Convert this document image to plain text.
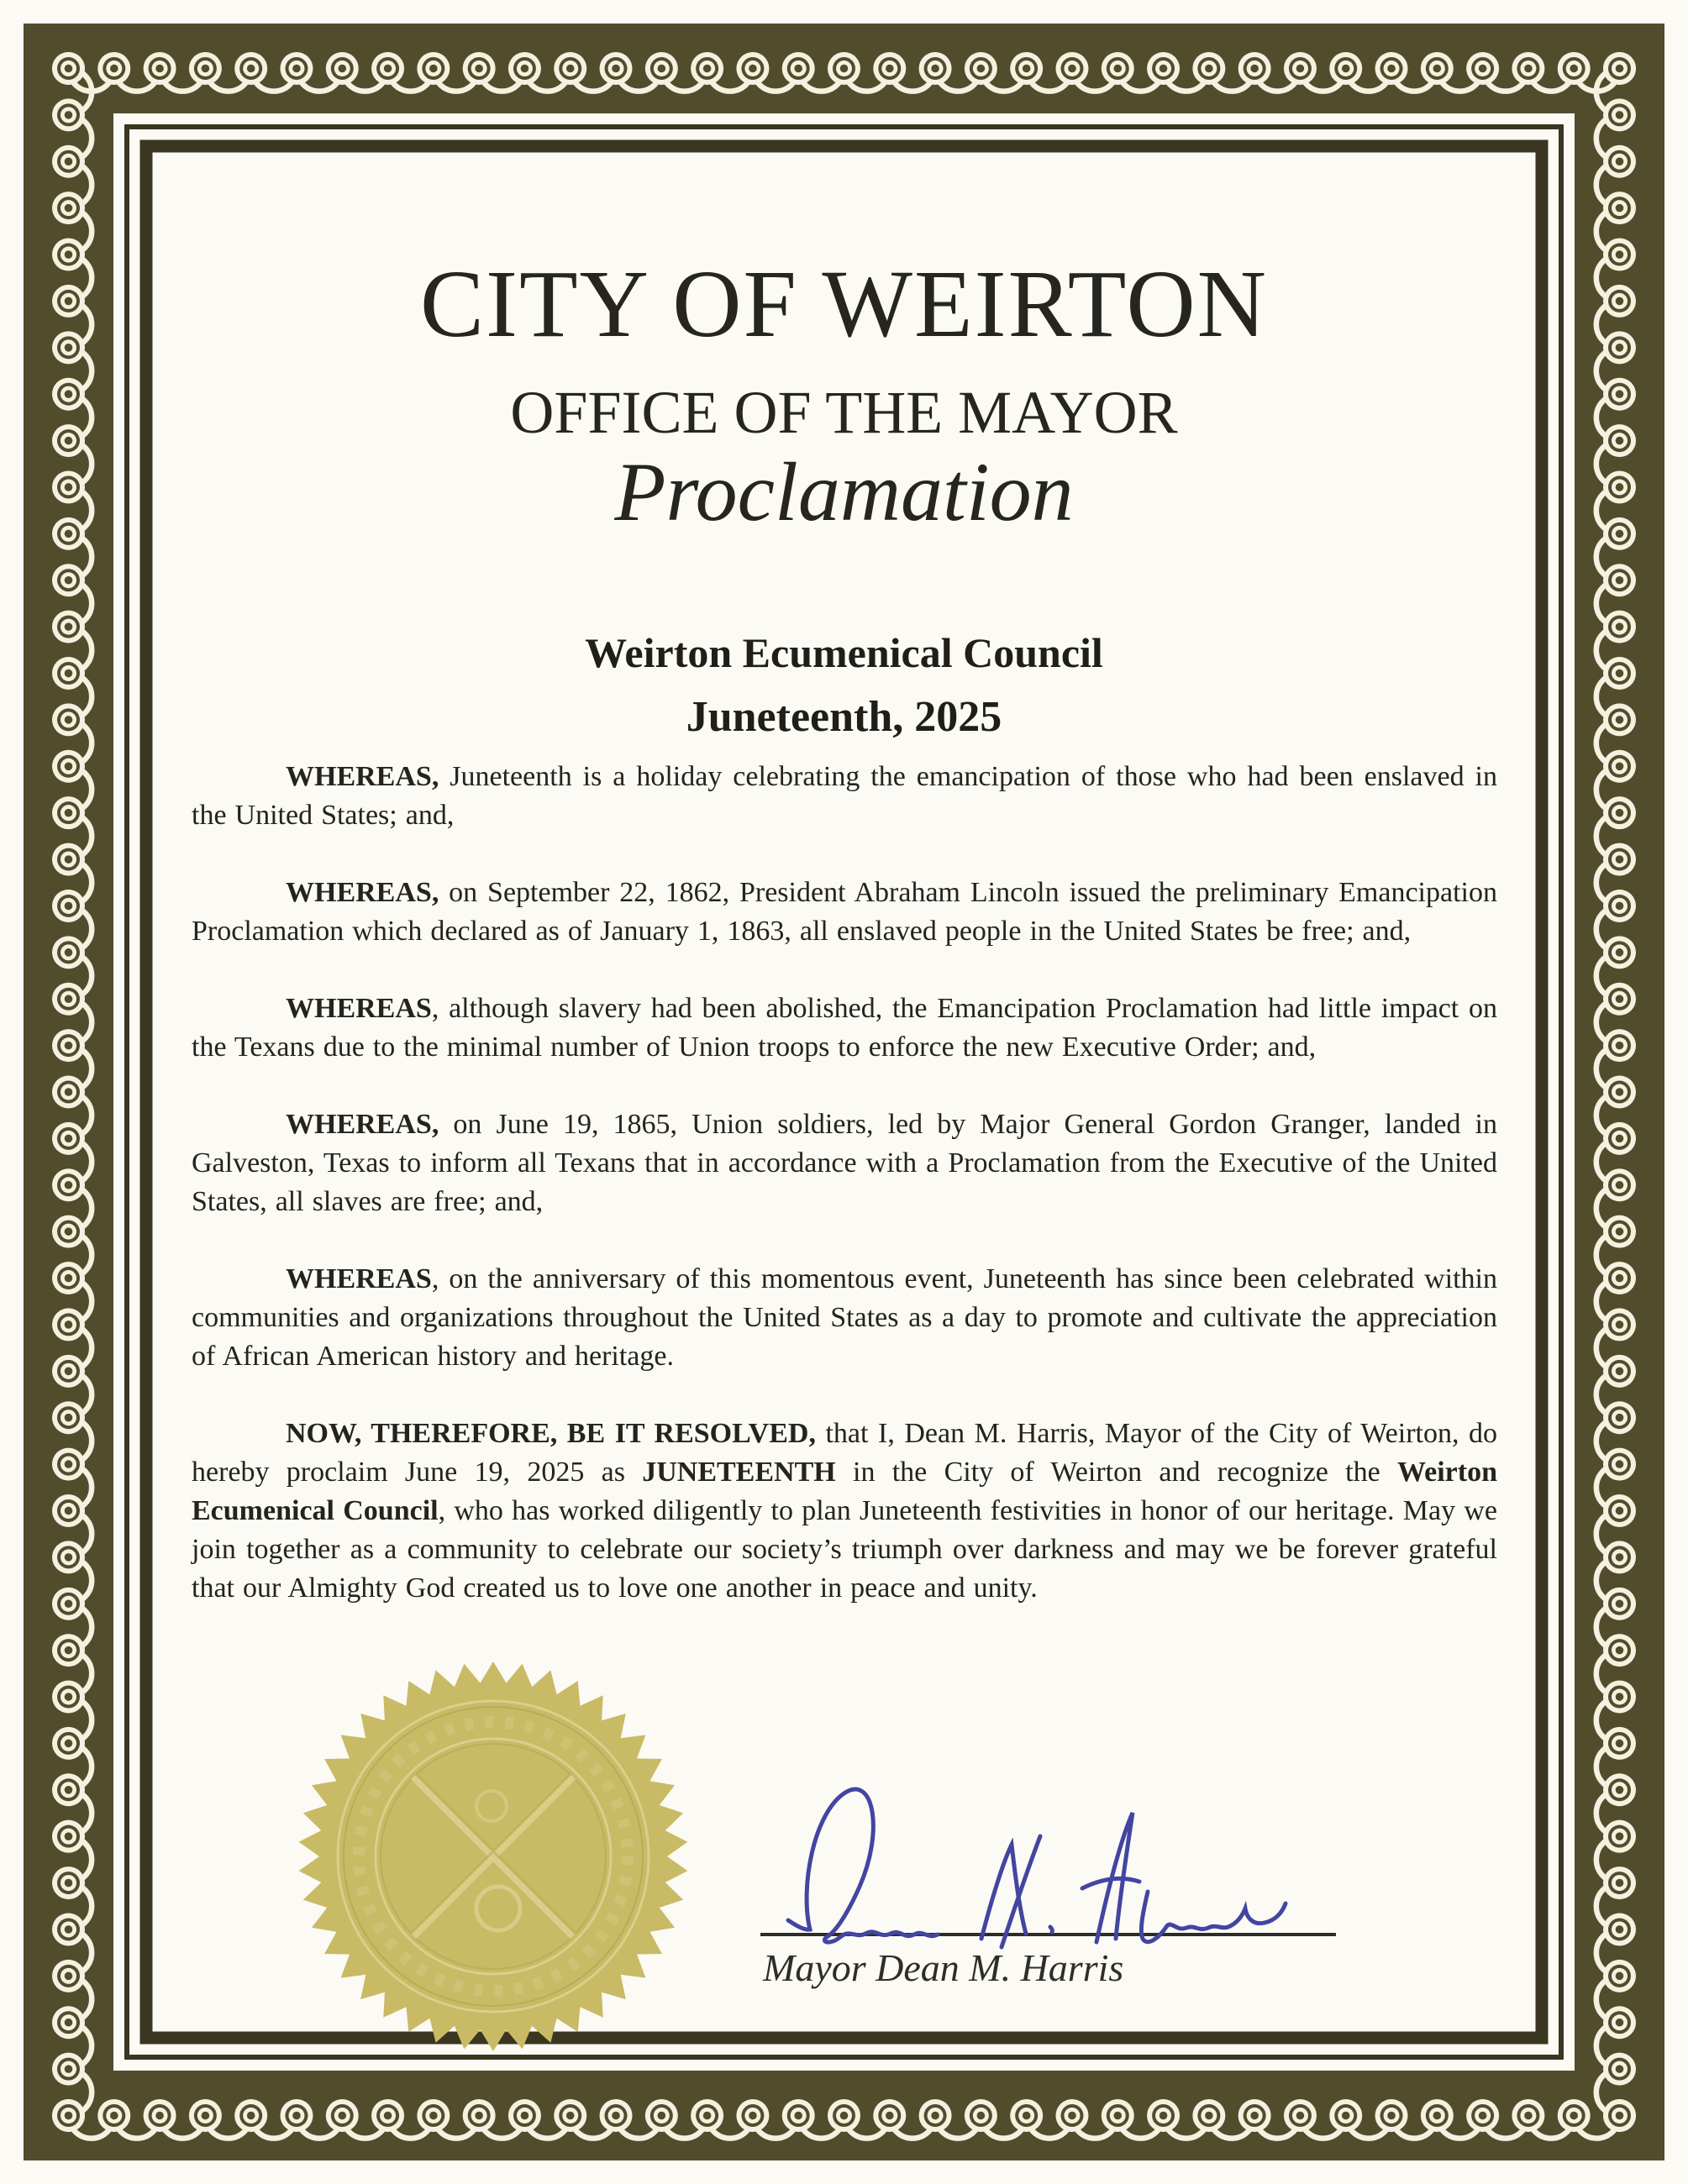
CITY OF WEIRTON
OFFICE OF THE MAYOR
Proclamation
Weirton Ecumenical Council
Juneteenth, 2025

WHEREAS, Juneteenth is a holiday celebrating the emancipation of those who had been enslaved in the United States; and,

WHEREAS, on September 22, 1862, President Abraham Lincoln issued the preliminary Emancipation Proclamation which declared as of January 1, 1863, all enslaved people in the United States be free; and,

WHEREAS, although slavery had been abolished, the Emancipation Proclamation had little impact on the Texans due to the minimal number of Union troops to enforce the new Executive Order; and,

WHEREAS, on June 19, 1865, Union soldiers, led by Major General Gordon Granger, landed in Galveston, Texas to inform all Texans that in accordance with a Proclamation from the Executive of the United States, all slaves are free; and,

WHEREAS, on the anniversary of this momentous event, Juneteenth has since been celebrated within communities and organizations throughout the United States as a day to promote and cultivate the appreciation of African American history and heritage.

NOW, THEREFORE, BE IT RESOLVED, that I, Dean M. Harris, Mayor of the City of Weirton, do hereby proclaim June 19, 2025 as JUNETEENTH in the City of Weirton and recognize the Weirton Ecumenical Council, who has worked diligently to plan Juneteenth festivities in honor of our heritage. May we join together as a community to celebrate our society’s triumph over darkness and may we be forever grateful that our Almighty God created us to love one another in peace and unity.

Mayor Dean M. Harris
